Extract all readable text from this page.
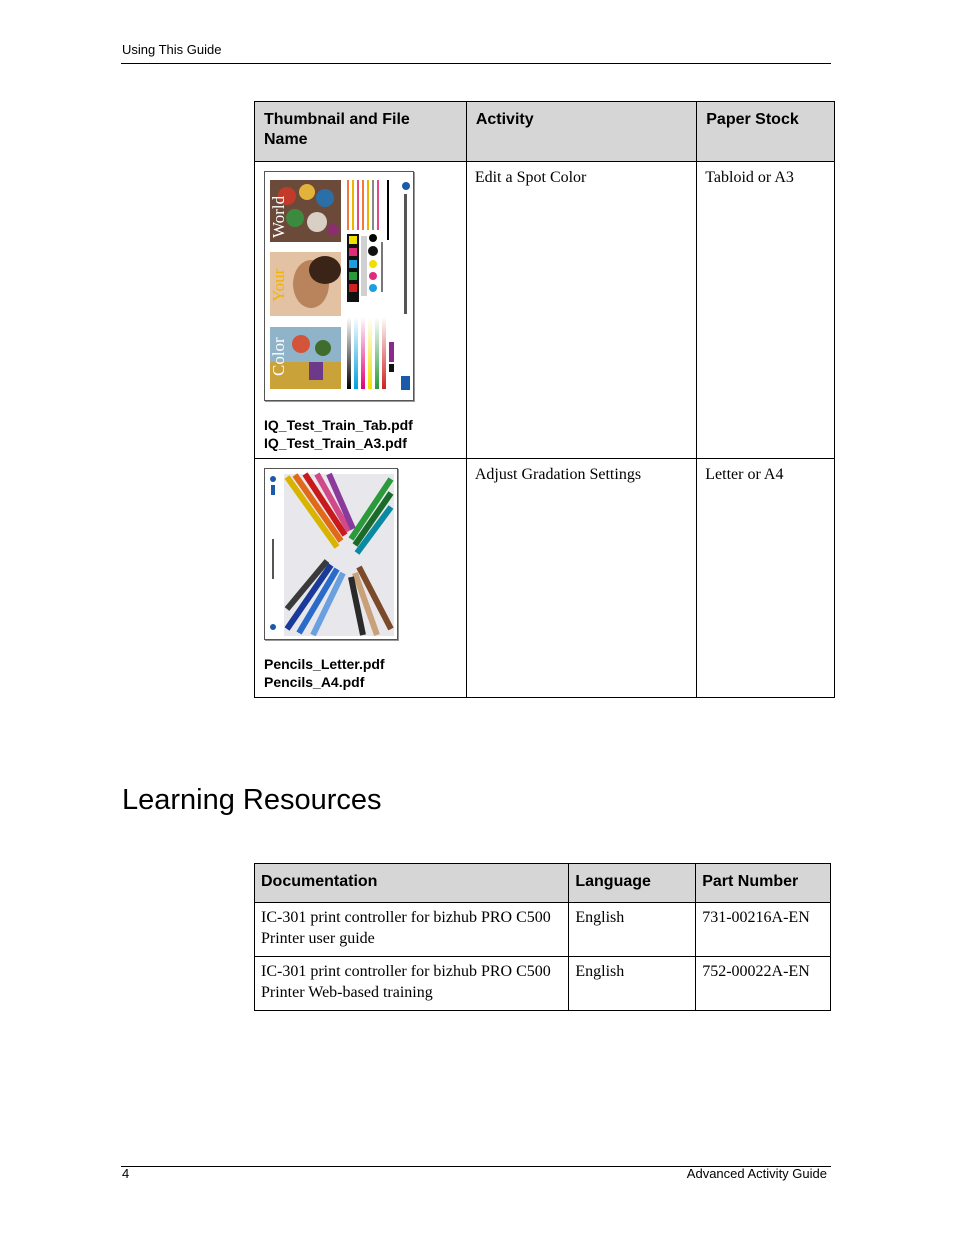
Using This Guide
Thumbnail and File Name	Activity	Paper Stock

World
Your
Color
IQ_Test_Train_Tab.pdf
IQ_Test_Train_A3.pdf	Edit a Spot Color	Tabloid or A3

Pencils_Letter.pdf
Pencils_A4.pdf	Adjust Gradation Settings	Letter or A4
Learning Resources
Documentation	Language	Part Number
IC-301 print controller for bizhub PRO C500 Printer user guide	English	731-00216A-EN
IC-301 print controller for bizhub PRO C500 Printer Web-based training	English	752-00022A-EN
4	Advanced Activity Guide
